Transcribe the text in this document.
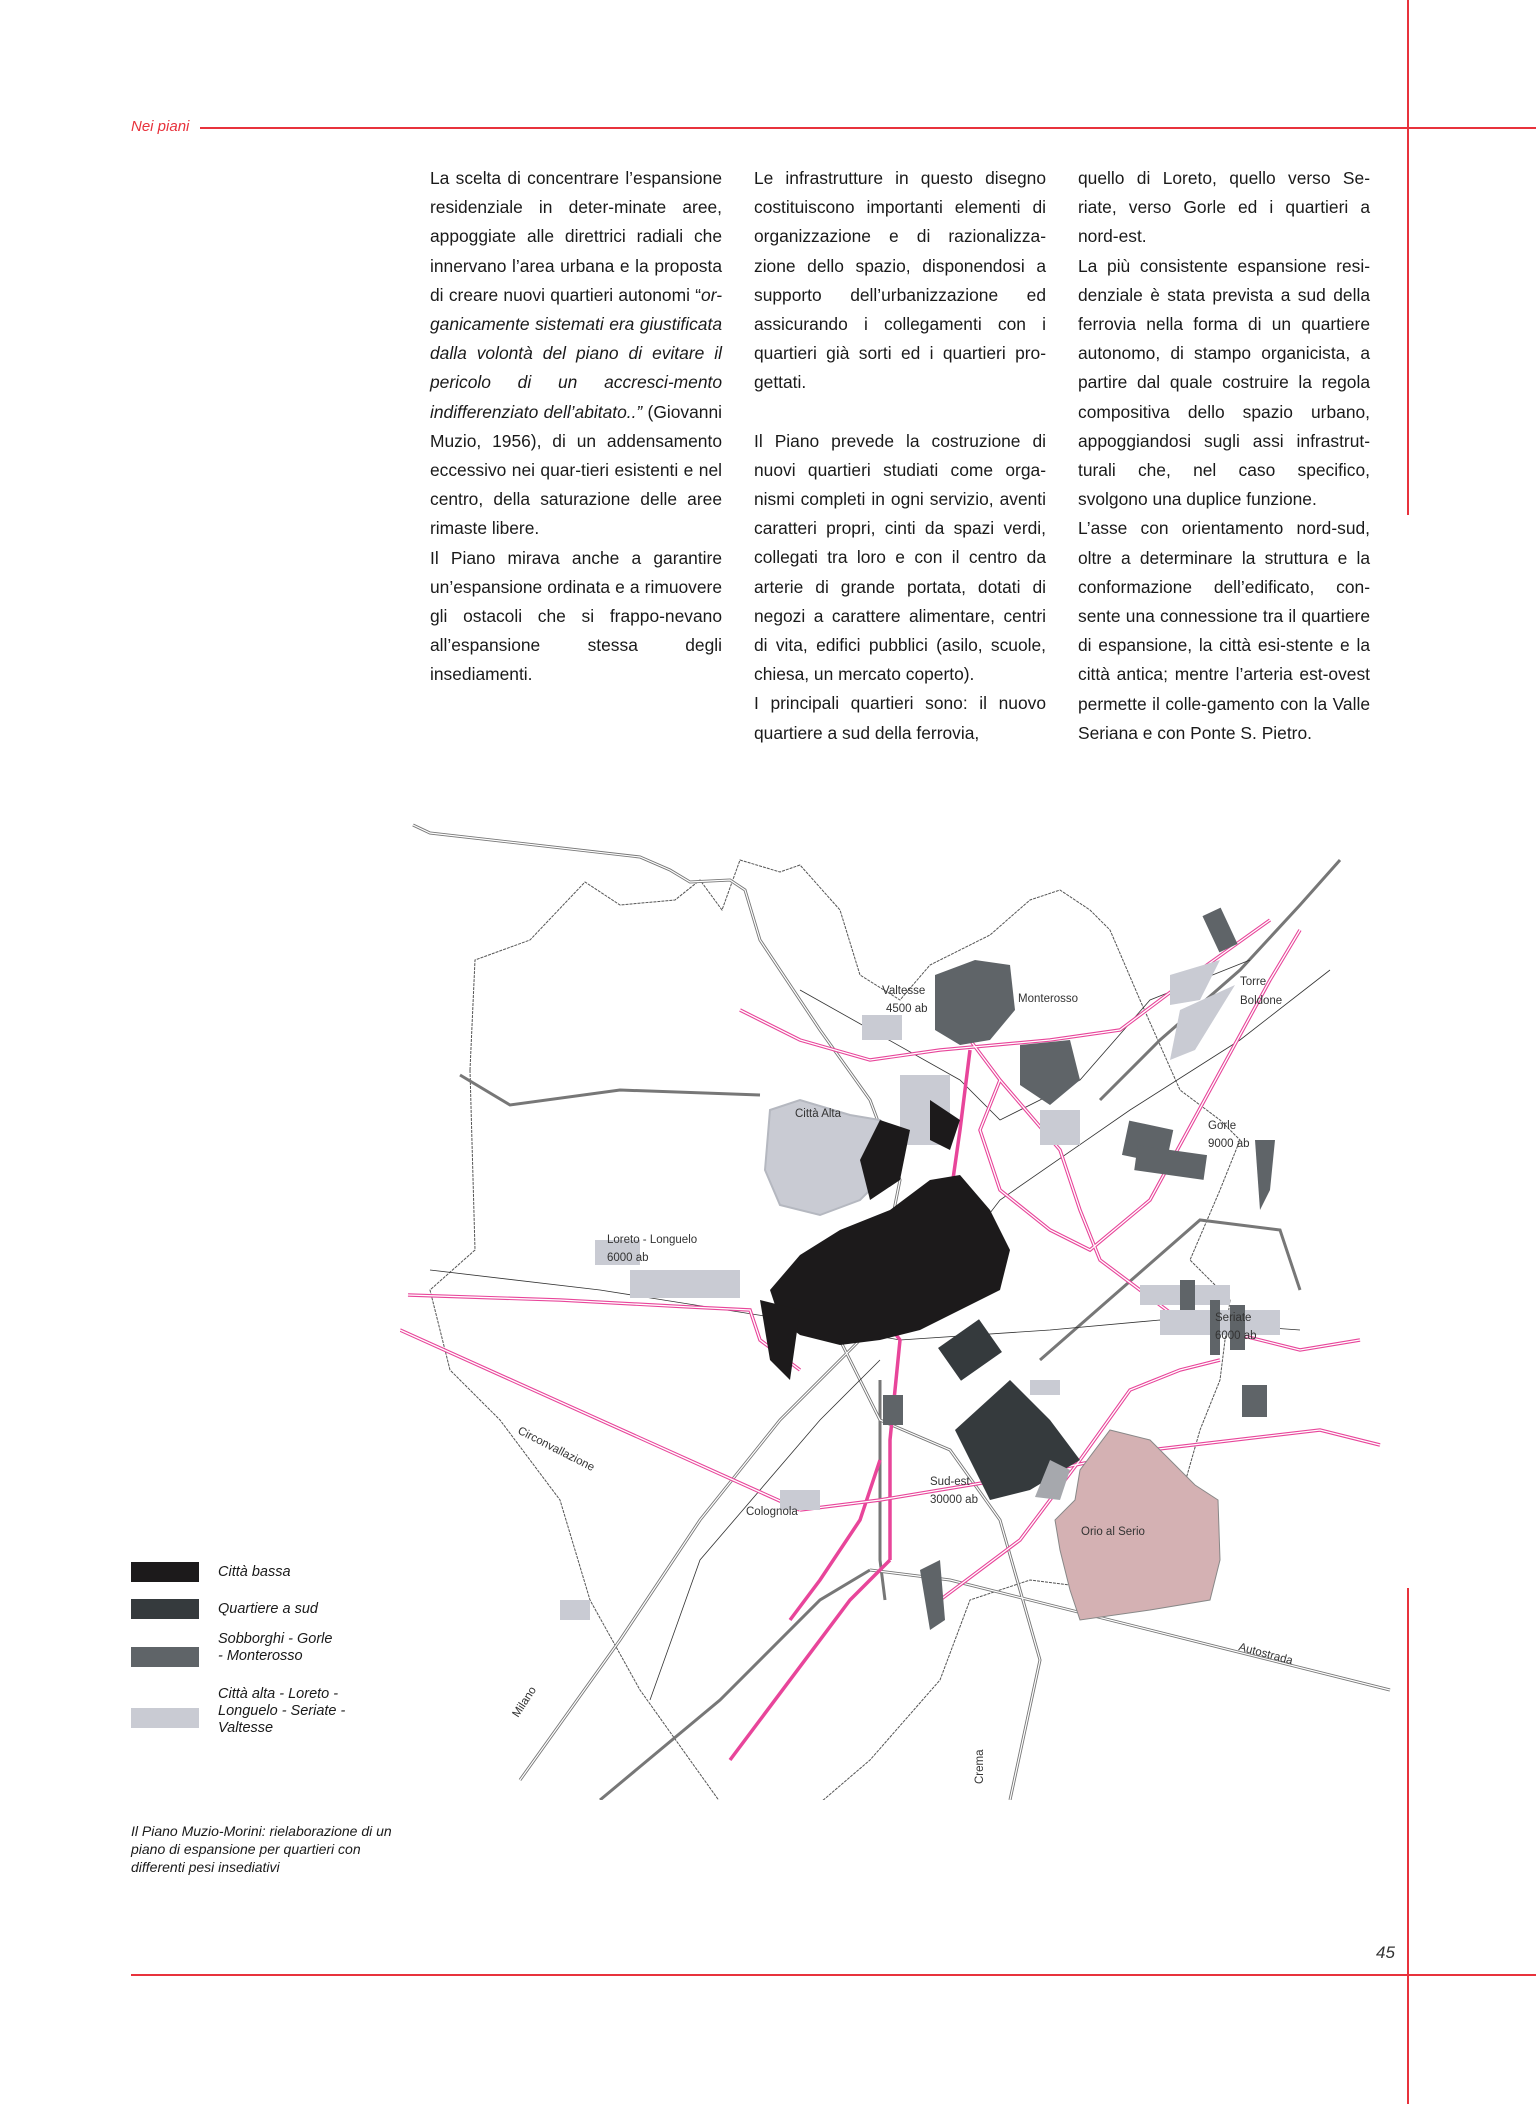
Nei piani

La scelta di concentrare l’espansione residenziale in deter-minate aree, appoggiate alle direttrici radiali che innervano l’area urbana e la proposta di creare nuovi quartieri autonomi “or-ganicamente sistemati era giustificata dalla volontà del piano di evitare il pericolo di un accresci-mento indifferenziato dell’abitato..” (Giovanni Muzio, 1956), di un addensamento eccessivo nei quar-tieri esistenti e nel centro, della saturazione delle aree rimaste libere.

Il Piano mirava anche a garantire un’espansione ordinata e a rimuovere gli ostacoli che si frappo-nevano all’espansione stessa degli insediamenti.

Le infrastrutture in questo disegno costituiscono importanti elementi di organizzazione e di razionalizza-zione dello spazio, disponendosi a supporto dell’urbanizzazione ed assicurando i collegamenti con i quartieri già sorti ed i quartieri pro-gettati.

Il Piano prevede la costruzione di nuovi quartieri studiati come orga-nismi completi in ogni servizio, aventi caratteri propri, cinti da spazi verdi, collegati tra loro e con il centro da arterie di grande portata, dotati di negozi a carattere alimentare, centri di vita, edifici pubblici (asilo, scuole, chiesa, un mercato coperto).

I principali quartieri sono: il nuovo quartiere a sud della ferrovia,

quello di Loreto, quello verso Se-riate, verso Gorle ed i quartieri a nord-est.

La più consistente espansione resi-denziale è stata prevista a sud della ferrovia nella forma di un quartiere autonomo, di stampo organicista, a partire dal quale costruire la regola compositiva dello spazio urbano, appoggiandosi sugli assi infrastrut-turali che, nel caso specifico, svolgono una duplice funzione.

L’asse con orientamento nord-sud, oltre a determinare la struttura e la conformazione dell’edificato, con-sente una connessione tra il quartiere di espansione, la città esi-stente e la città antica; mentre l’arteria est-ovest permette il colle-gamento con la Valle Seriana e con Ponte S. Pietro.

Valtesse
4500 ab
Monterosso
Torre
Boldone
Città Alta
Gorle
9000 ab
Loreto - Longuelo
6000 ab
Seriate
6000 ab
Circonvallazione
Sud-est
30000 ab
Colognola
Orio al Serio
Autostrada
Milano
Crema
Città bassa
Quartiere a sud
Sobborghi - Gorle - Monterosso
Città alta - Loreto - Longuelo - Seriate - Valtesse
Il Piano Muzio-Morini: rielaborazione di un piano di espansione per quartieri con differenti pesi insediativi
45
